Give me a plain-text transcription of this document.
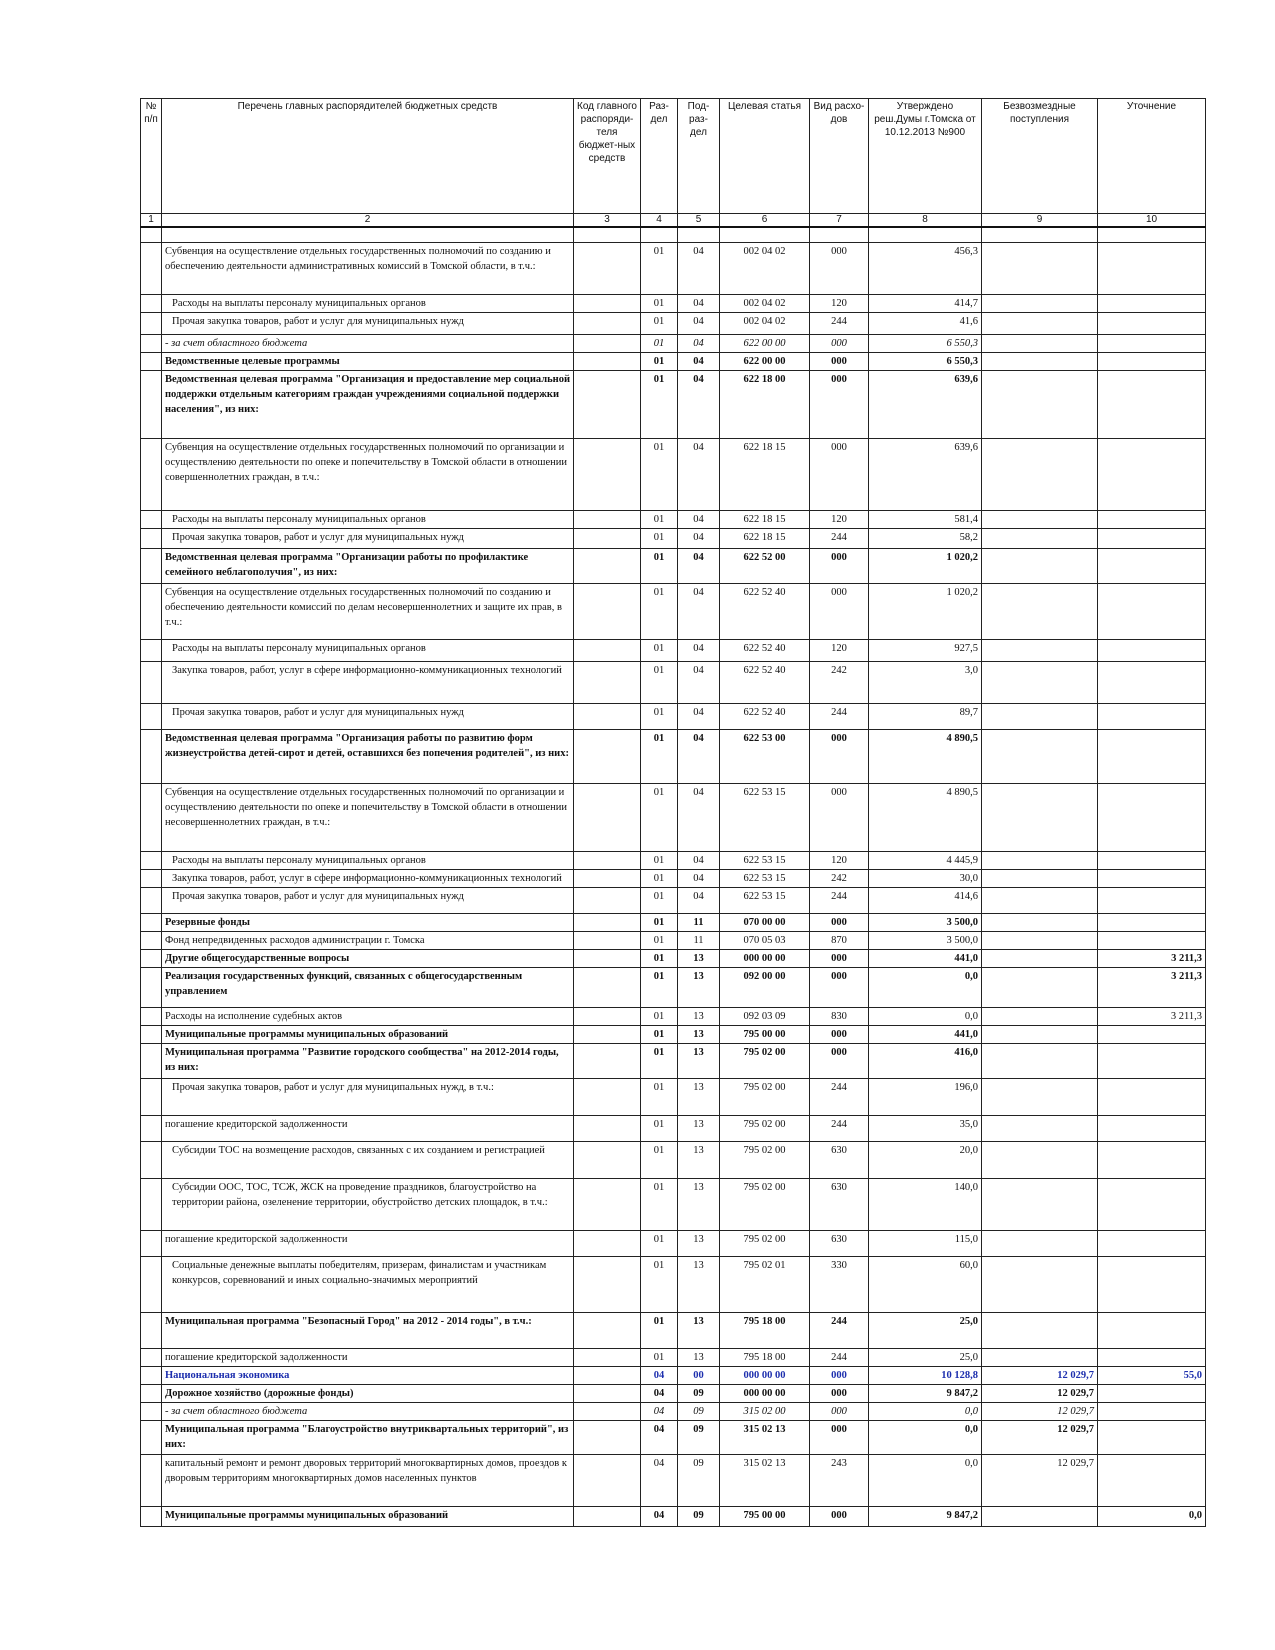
№ п/п	Перечень главных распорядителей бюджетных средств	Код главного распоряди-теля бюджет-ных средств	Раз-дел	Под-раз-дел	Целевая статья	Вид расхо-дов	Утверждено реш.Думы г.Томска от 10.12.2013 №900	Безвозмездные поступления	Уточнение
1	2	3	4	5	6	7	8	9	10

	Субвенция на осуществление отдельных государственных полномочий по созданию и обеспечению деятельности административных комиссий в Томской области, в т.ч.:		01	04	002 04 02	000	456,3		
	Расходы на выплаты персоналу муниципальных органов		01	04	002 04 02	120	414,7		
	Прочая закупка товаров, работ и услуг для муниципальных нужд		01	04	002 04 02	244	41,6		
	- за счет областного бюджета		01	04	622 00 00	000	6 550,3		
	Ведомственные целевые программы		01	04	622 00 00	000	6 550,3		
	Ведомственная целевая программа "Организация и предоставление мер социальной поддержки отдельным категориям граждан учреждениями социальной поддержки населения", из них:		01	04	622 18 00	000	639,6		
	Субвенция на осуществление отдельных государственных полномочий по организации и осуществлению деятельности по опеке и попечительству в Томской области в отношении совершеннолетних граждан, в т.ч.:		01	04	622 18 15	000	639,6		
	Расходы на выплаты персоналу муниципальных органов		01	04	622 18 15	120	581,4		
	Прочая закупка товаров, работ и услуг для муниципальных нужд		01	04	622 18 15	244	58,2		
	Ведомственная целевая программа "Организации работы по профилактике семейного неблагополучия", из них:		01	04	622 52 00	000	1 020,2		
	Субвенция на осуществление отдельных государственных полномочий по созданию и обеспечению деятельности комиссий по делам несовершеннолетних и защите их прав, в т.ч.:		01	04	622 52 40	000	1 020,2		
	Расходы на выплаты персоналу муниципальных органов		01	04	622 52 40	120	927,5		
	Закупка товаров, работ, услуг в сфере информационно-коммуникационных технологий		01	04	622 52 40	242	3,0		
	Прочая закупка товаров, работ и услуг для муниципальных нужд		01	04	622 52 40	244	89,7		
	Ведомственная целевая программа "Организация работы по развитию форм жизнеустройства детей-сирот и детей, оставшихся без попечения родителей", из них:		01	04	622 53 00	000	4 890,5		
	Субвенция на осуществление отдельных государственных полномочий по организации и осуществлению деятельности по опеке и попечительству в Томской области в отношении несовершеннолетних граждан, в т.ч.:		01	04	622 53 15	000	4 890,5		
	Расходы на выплаты персоналу муниципальных органов		01	04	622 53 15	120	4 445,9		
	Закупка товаров, работ, услуг в сфере информационно-коммуникационных технологий		01	04	622 53 15	242	30,0		
	Прочая закупка товаров, работ и услуг для муниципальных нужд		01	04	622 53 15	244	414,6		
	Резервные фонды		01	11	070 00 00	000	3 500,0		
	Фонд непредвиденных расходов администрации г. Томска		01	11	070 05 03	870	3 500,0		
	Другие общегосударственные вопросы		01	13	000 00 00	000	441,0		3 211,3
	Реализация государственных функций, связанных с общегосударственным управлением		01	13	092 00 00	000	0,0		3 211,3
	Расходы на исполнение судебных актов		01	13	092 03 09	830	0,0		3 211,3
	Муниципальные программы муниципальных образований		01	13	795 00 00	000	441,0		
	Муниципальная программа "Развитие городского сообщества" на 2012-2014 годы, из них:		01	13	795 02 00	000	416,0		
	Прочая закупка товаров, работ и услуг для муниципальных нужд, в т.ч.:		01	13	795 02 00	244	196,0		
	погашение кредиторской задолженности		01	13	795 02 00	244	35,0		
	Субсидии ТОС на возмещение расходов, связанных с их созданием и регистрацией		01	13	795 02 00	630	20,0		
	Субсидии ООС, ТОС, ТСЖ, ЖСК на проведение праздников, благоустройство на территории района, озеленение территории, обустройство детских площадок, в т.ч.:		01	13	795 02 00	630	140,0		
	погашение кредиторской задолженности		01	13	795 02 00	630	115,0		
	Социальные денежные выплаты победителям, призерам, финалистам и участникам конкурсов, соревнований и иных социально-значимых мероприятий		01	13	795 02 01	330	60,0		
	Муниципальная программа "Безопасный Город" на 2012 - 2014 годы", в т.ч.:		01	13	795 18 00	244	25,0		
	погашение кредиторской задолженности		01	13	795 18 00	244	25,0		
	Национальная экономика		04	00	000 00 00	000	10 128,8	12 029,7	55,0
	Дорожное хозяйство (дорожные фонды)		04	09	000 00 00	000	9 847,2	12 029,7	
	- за счет областного бюджета		04	09	315 02 00	000	0,0	12 029,7	
	Муниципальная программа "Благоустройство внутриквартальных территорий", из них:		04	09	315 02 13	000	0,0	12 029,7	
	капитальный ремонт и ремонт дворовых территорий многоквартирных домов, проездов к дворовым территориям многоквартирных домов населенных пунктов		04	09	315 02 13	243	0,0	12 029,7	
	Муниципальные программы муниципальных образований		04	09	795 00 00	000	9 847,2		0,0
